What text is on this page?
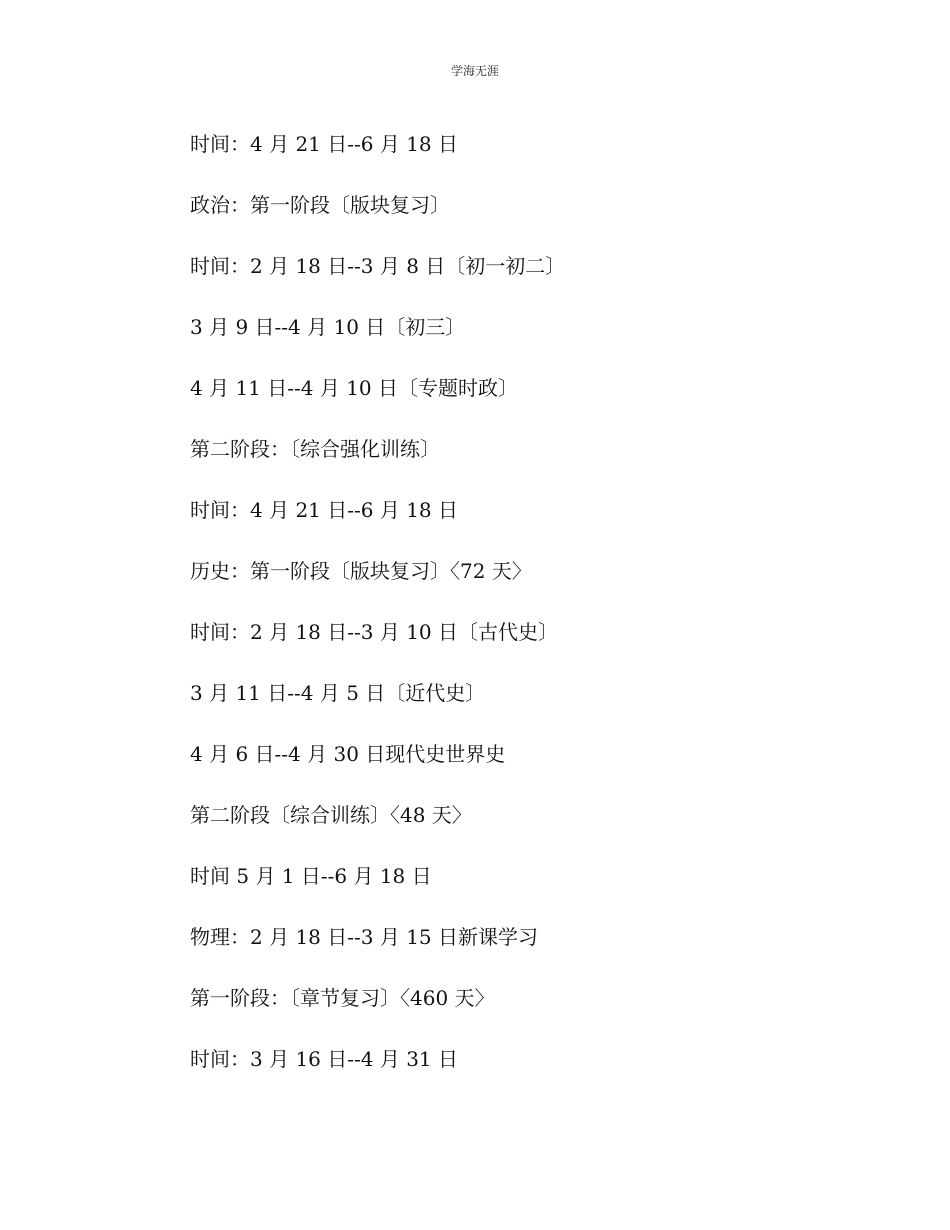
学海无涯
时间：4 月 21 日--6 月 18 日
政治：第一阶段〔版块复习〕
时间：2 月 18 日--3 月 8 日〔初一初二〕
3 月 9 日--4 月 10 日〔初三〕
4 月 11 日--4 月 10 日〔专题时政〕
第二阶段：〔综合强化训练〕
时间：4 月 21 日--6 月 18 日
历史：第一阶段〔版块复习〕〈72 天〉
时间：2 月 18 日--3 月 10 日〔古代史〕
3 月 11 日--4 月 5 日〔近代史〕
4 月 6 日--4 月 30 日现代史世界史
第二阶段〔综合训练〕〈48 天〉
时间 5 月 1 日--6 月 18 日
物理：2 月 18 日--3 月 15 日新课学习
第一阶段：〔章节复习〕〈460 天〉
时间：3 月 16 日--4 月 31 日
